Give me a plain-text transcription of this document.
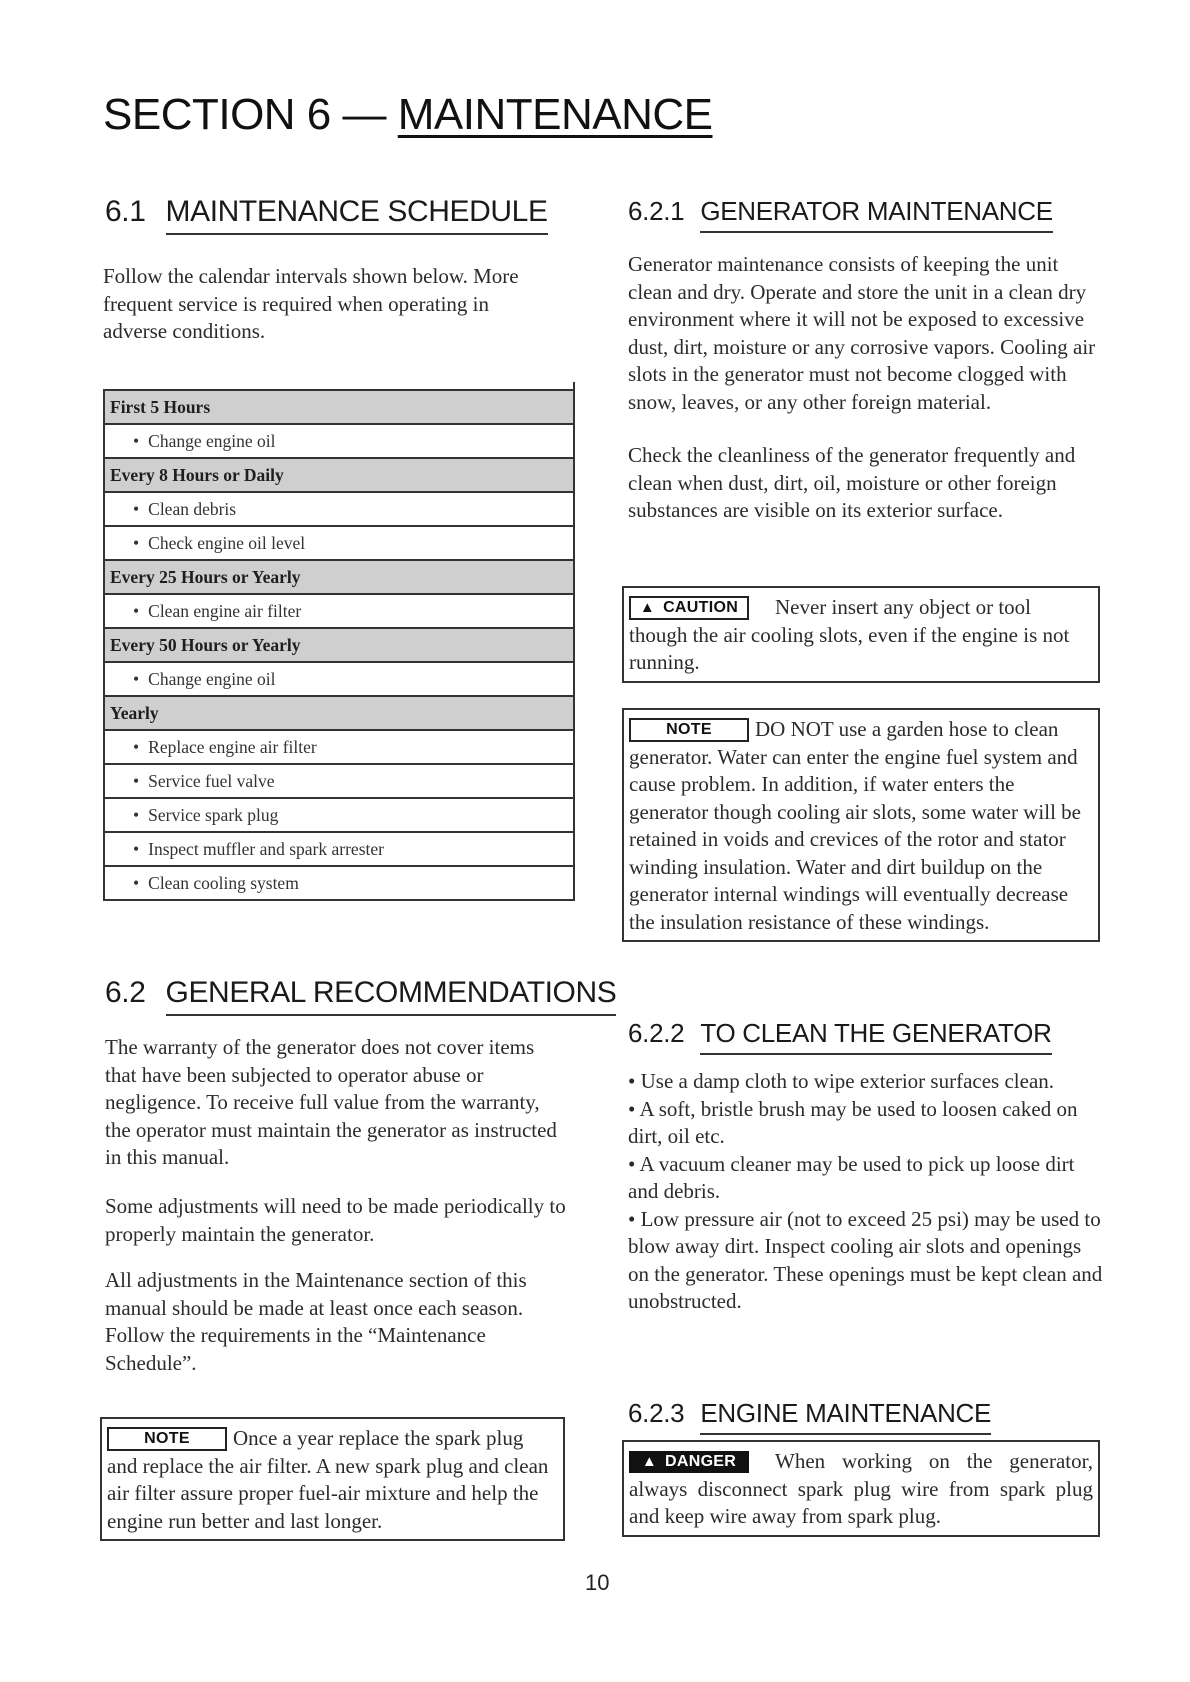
SECTION 6 — MAINTENANCE
6.1 MAINTENANCE SCHEDULE
Follow the calendar intervals shown below. More frequent service is required when operating in adverse conditions.
First 5 Hours
• Change engine oil
Every 8 Hours or Daily
• Clean debris
• Check engine oil level
Every 25 Hours or Yearly
• Clean engine air filter
Every 50 Hours or Yearly
• Change engine oil
Yearly
• Replace engine air filter
• Service fuel valve
• Service spark plug
• Inspect muffler and spark arrester
• Clean cooling system
6.2 GENERAL RECOMMENDATIONS
The warranty of the generator does not cover items that have been subjected to operator abuse or negligence. To receive full value from the warranty, the operator must maintain the generator as instructed in this manual.
Some adjustments will need to be made periodically to properly maintain the generator.
All adjustments in the Maintenance section of this manual should be made at least once each season. Follow the requirements in the “Maintenance Schedule”.
NOTE Once a year replace the spark plug and replace the air filter. A new spark plug and clean air filter assure proper fuel-air mixture and help the engine run better and last longer.
6.2.1 GENERATOR MAINTENANCE
Generator maintenance consists of keeping the unit clean and dry. Operate and store the unit in a clean dry environment where it will not be exposed to excessive dust, dirt, moisture or any corrosive vapors. Cooling air slots in the generator must not become clogged with snow, leaves, or any other foreign material.
Check the cleanliness of the generator frequently and clean when dust, dirt, oil, moisture or other foreign substances are visible on its exterior surface.
▲ CAUTION Never insert any object or tool though the air cooling slots, even if the engine is not running.
NOTE DO NOT use a garden hose to clean generator. Water can enter the engine fuel system and cause problem. In addition, if water enters the generator though cooling air slots, some water will be retained in voids and crevices of the rotor and stator winding insulation. Water and dirt buildup on the generator internal windings will eventually decrease the insulation resistance of these windings.
6.2.2 TO CLEAN THE GENERATOR
• Use a damp cloth to wipe exterior surfaces clean.
• A soft, bristle brush may be used to loosen caked on dirt, oil etc.
• A vacuum cleaner may be used to pick up loose dirt and debris.
• Low pressure air (not to exceed 25 psi) may be used to blow away dirt. Inspect cooling air slots and openings on the generator. These openings must be kept clean and unobstructed.
6.2.3 ENGINE MAINTENANCE
▲ DANGER When working on the generator, always disconnect spark plug wire from spark plug and keep wire away from spark plug.
10
